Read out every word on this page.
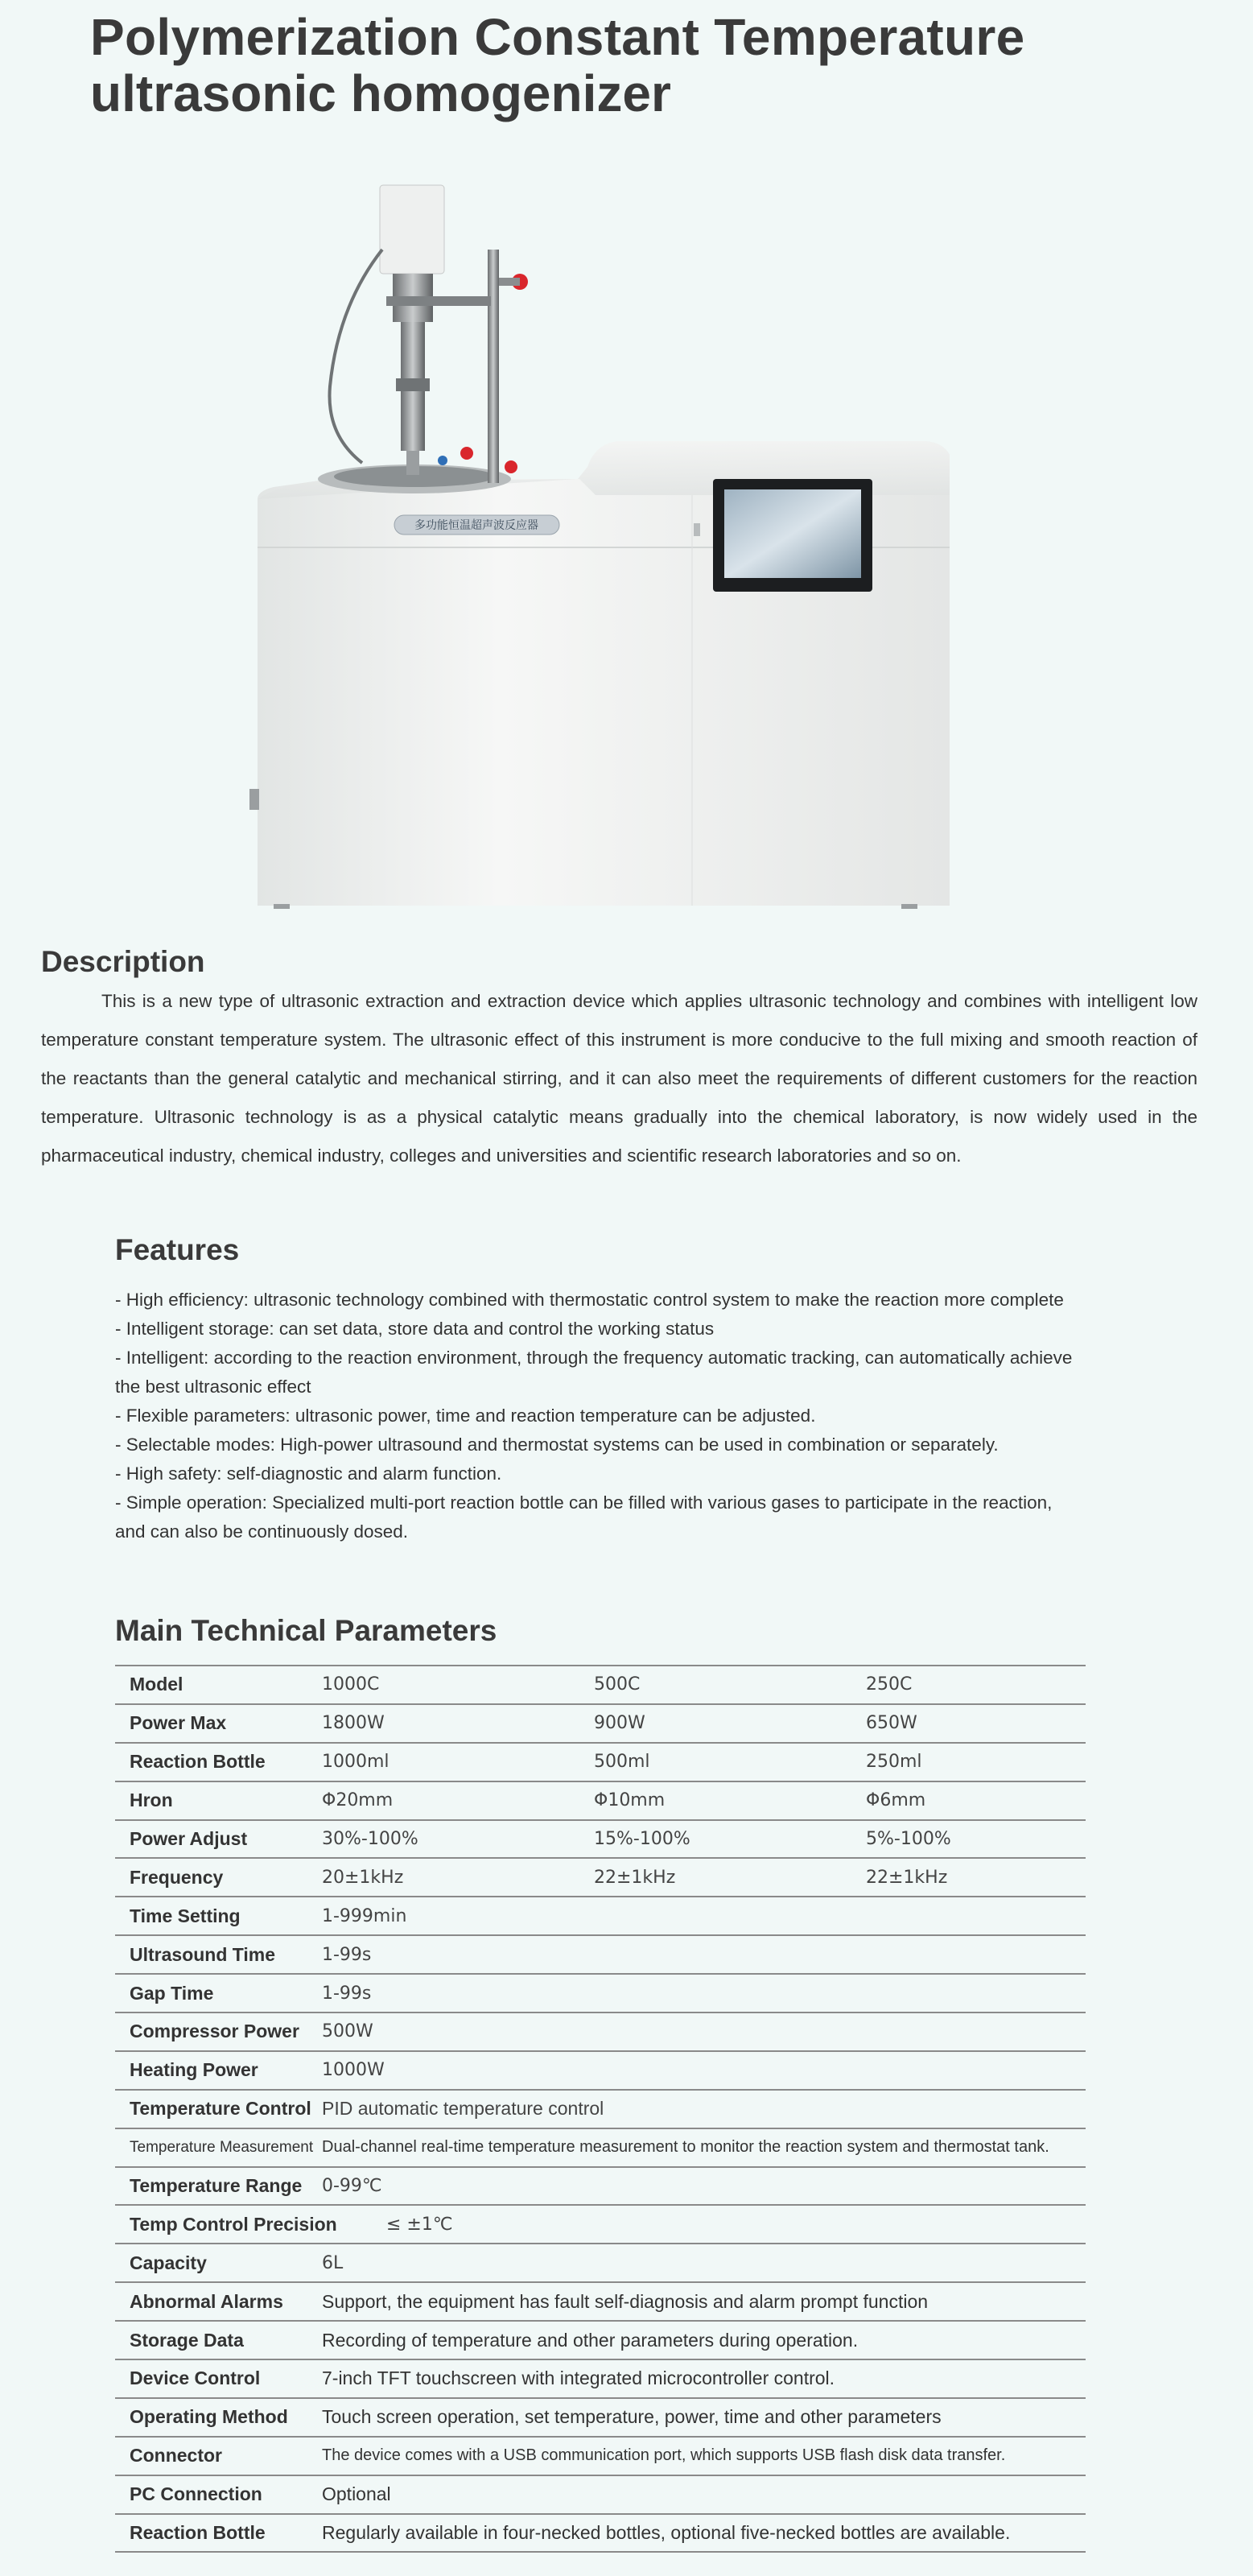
Polymerization Constant Temperature
ultrasonic homogenizer
多功能恒温超声波反应器
Description

This is a new type of ultrasonic extraction and extraction device which applies ultrasonic technology and combines with intelligent low temperature constant temperature system. The ultrasonic effect of this instrument is more conducive to the full mixing and smooth reaction of the reactants than the general catalytic and mechanical stirring, and it can also meet the requirements of different customers for the reaction temperature. Ultrasonic technology is as a physical catalytic means gradually into the chemical laboratory, is now widely used in the pharmaceutical industry, chemical industry, colleges and universities and scientific research laboratories and so on.

Features
- High efficiency: ultrasonic technology combined with thermostatic control system to make the reaction more complete
- Intelligent storage: can set data, store data and control the working status
- Intelligent: according to the reaction environment, through the frequency automatic tracking, can automatically achieve the best ultrasonic effect
- Flexible parameters: ultrasonic power, time and reaction temperature can be adjusted.
- Selectable modes: High-power ultrasound and thermostat systems can be used in combination or separately.
- High safety: self-diagnostic and alarm function.
- Simple operation: Specialized multi-port reaction bottle can be filled with various gases to participate in the reaction, and can also be continuously dosed.
Main Technical Parameters
Model	1000C	500C	250C
Power Max	1800W	900W	650W
Reaction Bottle	1000ml	500ml	250ml
Hron	Φ20mm	Φ10mm	Φ6mm
Power Adjust	30%-100%	15%-100%	5%-100%
Frequency	20±1kHz	22±1kHz	22±1kHz
Time Setting	1-999min		
Ultrasound Time	1-99s		
Gap Time	1-99s		
Compressor Power	500W		
Heating Power	1000W		
Temperature Control	PID automatic temperature control		
Temperature Measurement	Dual-channel real-time temperature measurement to monitor the reaction system and thermostat tank.		
Temperature Range	0-99℃		
Temp Control Precision	≤ ±1℃		
Capacity	6L		
Abnormal Alarms	Support, the equipment has fault self-diagnosis and alarm prompt function		
Storage Data	Recording of temperature and other parameters during operation.		
Device Control	7-inch TFT touchscreen with integrated microcontroller control.		
Operating Method	Touch screen operation, set temperature, power, time and other parameters		
Connector	The device comes with a USB communication port, which supports USB flash disk data transfer.		
PC Connection	Optional		
Reaction Bottle	Regularly available in four-necked bottles, optional five-necked bottles are available.		
